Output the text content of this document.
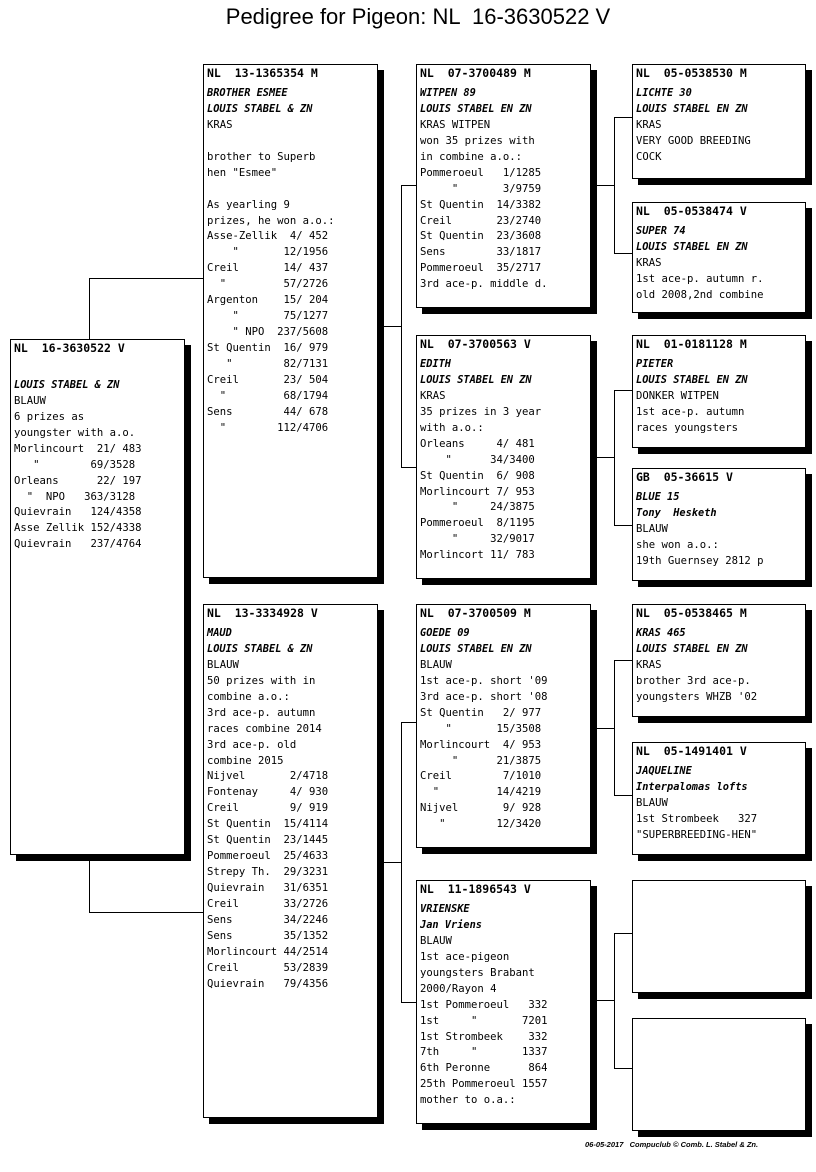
Pedigree for Pigeon: NL  16-3630522 V
NL  16-3630522 V
LOUIS STABEL & ZN
BLAUW
6 prizes as
youngster with a.o.
Morlincourt  21/ 483
"        69/3528
Orleans      22/ 197
"  NPO   363/3128
Quievrain   124/4358
Asse Zellik 152/4338
Quievrain   237/4764
NL  13-1365354 M
BROTHER ESMEE
LOUIS STABEL & ZN
KRAS
brother to Superb
hen "Esmee"
As yearling 9
prizes, he won a.o.:
Asse-Zellik  4/ 452
"       12/1956
Creil       14/ 437
"         57/2726
Argenton    15/ 204
"       75/1277
" NPO  237/5608
St Quentin  16/ 979
"        82/7131
Creil       23/ 504
"         68/1794
Sens        44/ 678
"        112/4706
NL  13-3334928 V
MAUD
LOUIS STABEL & ZN
BLAUW
50 prizes with in
combine a.o.:
3rd ace-p. autumn
races combine 2014
3rd ace-p. old
combine 2015
Nijvel       2/4718
Fontenay     4/ 930
Creil        9/ 919
St Quentin  15/4114
St Quentin  23/1445
Pommeroeul  25/4633
Strepy Th.  29/3231
Quievrain   31/6351
Creil       33/2726
Sens        34/2246
Sens        35/1352
Morlincourt 44/2514
Creil       53/2839
Quievrain   79/4356
NL  07-3700489 M
WITPEN 89
LOUIS STABEL EN ZN
KRAS WITPEN
won 35 prizes with
in combine a.o.:
Pommeroeul   1/1285
"       3/9759
St Quentin  14/3382
Creil       23/2740
St Quentin  23/3608
Sens        33/1817
Pommeroeul  35/2717
3rd ace-p. middle d.
NL  07-3700563 V
EDITH
LOUIS STABEL EN ZN
KRAS
35 prizes in 3 year
with a.o.:
Orleans     4/ 481
"      34/3400
St Quentin  6/ 908
Morlincourt 7/ 953
"     24/3875
Pommeroeul  8/1195
"     32/9017
Morlincort 11/ 783
NL  07-3700509 M
GOEDE 09
LOUIS STABEL EN ZN
BLAUW
1st ace-p. short '09
3rd ace-p. short '08
St Quentin   2/ 977
"       15/3508
Morlincourt  4/ 953
"      21/3875
Creil        7/1010
"         14/4219
Nijvel       9/ 928
"        12/3420
NL  11-1896543 V
VRIENSKE
Jan Vriens
BLAUW
1st ace-pigeon
youngsters Brabant
2000/Rayon 4
1st Pommeroeul   332
1st     "       7201
1st Strombeek    332
7th     "       1337
6th Peronne      864
25th Pommeroeul 1557
mother to o.a.:
NL  05-0538530 M
LICHTE 30
LOUIS STABEL EN ZN
KRAS
VERY GOOD BREEDING
COCK
NL  05-0538474 V
SUPER 74
LOUIS STABEL EN ZN
KRAS
1st ace-p. autumn r.
old 2008,2nd combine
NL  01-0181128 M
PIETER
LOUIS STABEL EN ZN
DONKER WITPEN
1st ace-p. autumn
races youngsters
GB  05-36615 V
BLUE 15
Tony  Hesketh
BLAUW
she won a.o.:
19th Guernsey 2812 p
NL  05-0538465 M
KRAS 465
LOUIS STABEL EN ZN
KRAS
brother 3rd ace-p.
youngsters WHZB '02
NL  05-1491401 V
JAQUELINE
Interpalomas lofts
BLAUW
1st Strombeek   327
"SUPERBREEDING-HEN"
06-05-2017 Compuclub © Comb. L. Stabel & Zn.
